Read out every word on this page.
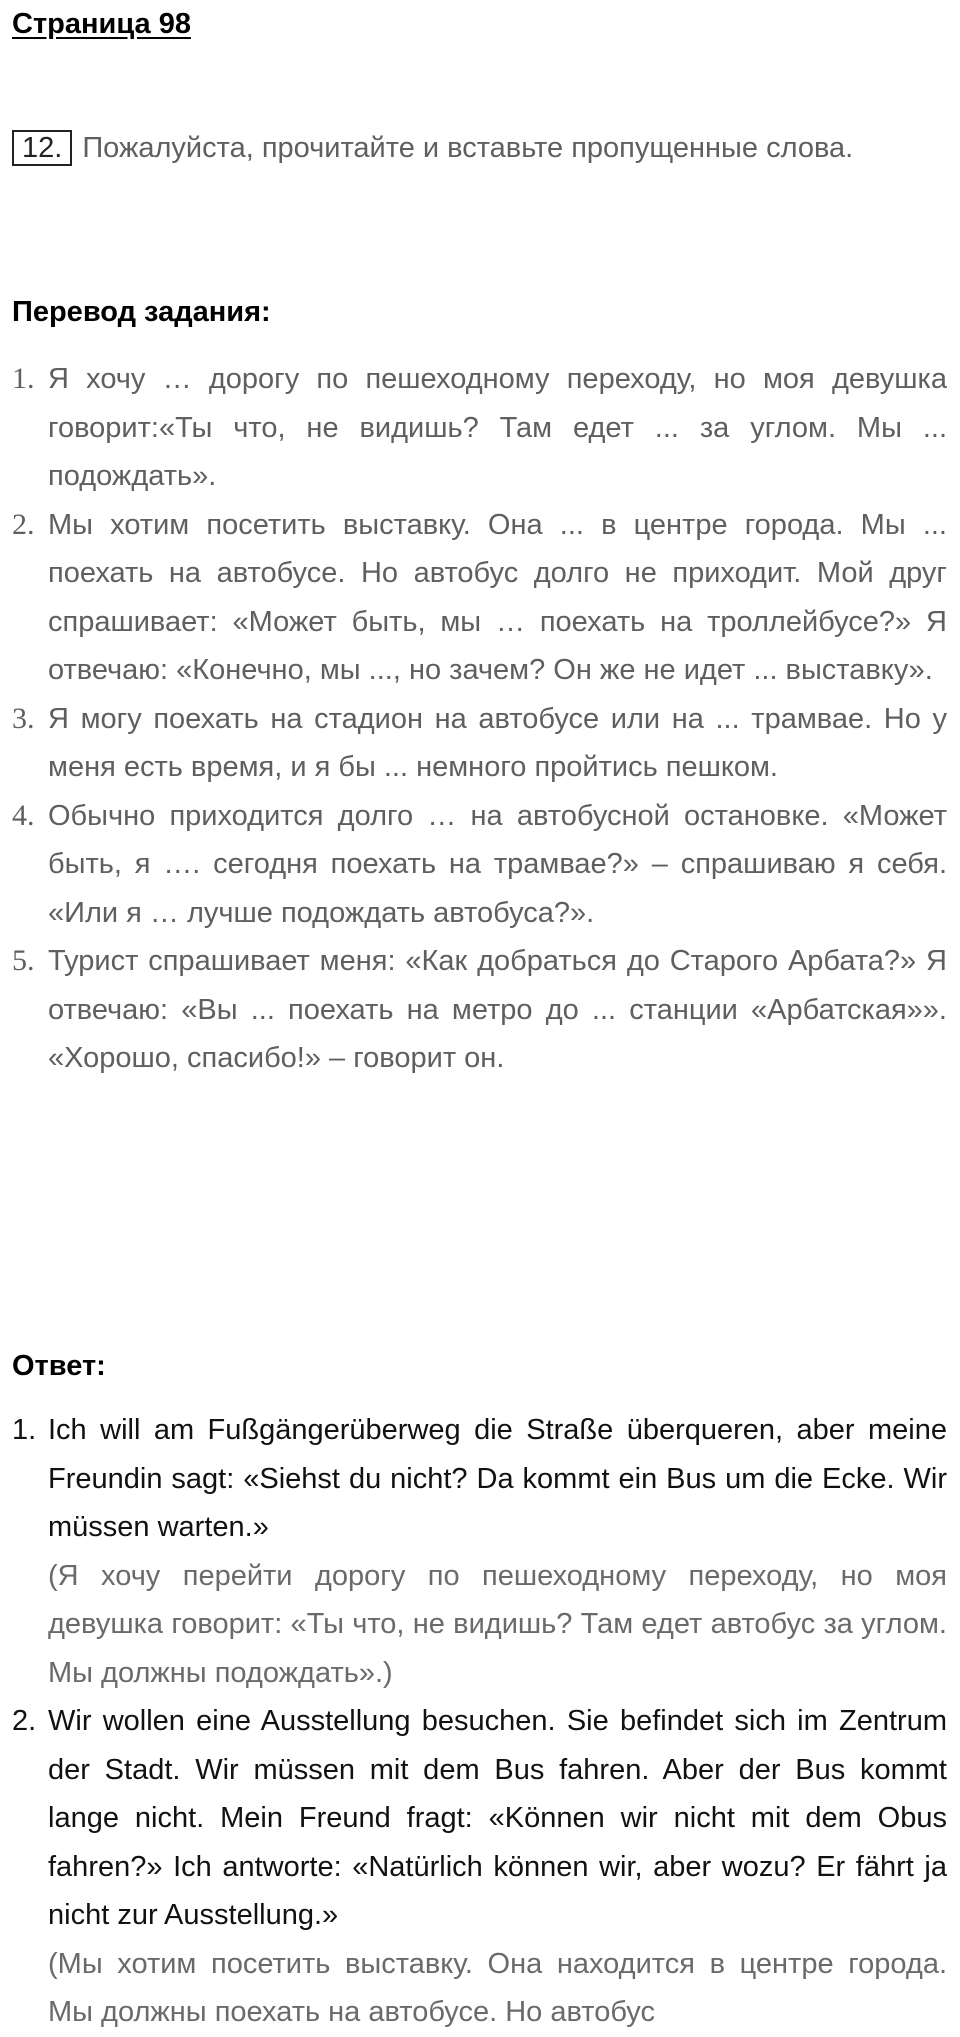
Страница 98

12. Пожалуйста, прочитайте и вставьте пропущенные слова.

Перевод задания:
1. Я хочу … дорогу по пешеходному переходу, но моя девушка говорит:«Ты что, не видишь? Там едет ... за углом. Мы ... подождать».
2. Мы хотим посетить выставку. Она ... в центре города. Мы ... поехать на автобусе. Но автобус долго не приходит. Мой друг спрашивает: «Может быть, мы … поехать на троллейбусе?» Я отвечаю: «Конечно, мы ..., но зачем? Он же не идет ... выставку».
3. Я могу поехать на стадион на автобусе или на ... трамвае. Но у меня есть время, и я бы ... немного пройтись пешком.
4. Обычно приходится долго … на автобусной остановке. «Может быть, я …. сегодня поехать на трамвае?» – спрашиваю я себя. «Или я … лучше подождать автобуса?».
5. Турист спрашивает меня: «Как добраться до Старого Арбата?» Я отвечаю: «Вы ... поехать на метро до ... станции «Арбатская»». «Хорошо, спасибо!» – говорит он.
Ответ:
1. Ich will am Fußgängerüberweg die Straße überqueren, aber meine Freundin sagt: «Siehst du nicht? Da kommt ein Bus um die Ecke. Wir müssen warten.»
(Я хочу перейти дорогу по пешеходному переходу, но моя девушка говорит: «Ты что, не видишь? Там едет автобус за углом. Мы должны подождать».)
2. Wir wollen eine Ausstellung besuchen. Sie befindet sich im Zentrum der Stadt. Wir müssen mit dem Bus fahren. Aber der Bus kommt lange nicht. Mein Freund fragt: «Können wir nicht mit dem Obus fahren?» Ich antworte: «Natürlich können wir, aber wozu? Er fährt ja nicht zur Ausstellung.»
(Мы хотим посетить выставку. Она находится в центре города. Мы должны поехать на автобусе. Но автобус
